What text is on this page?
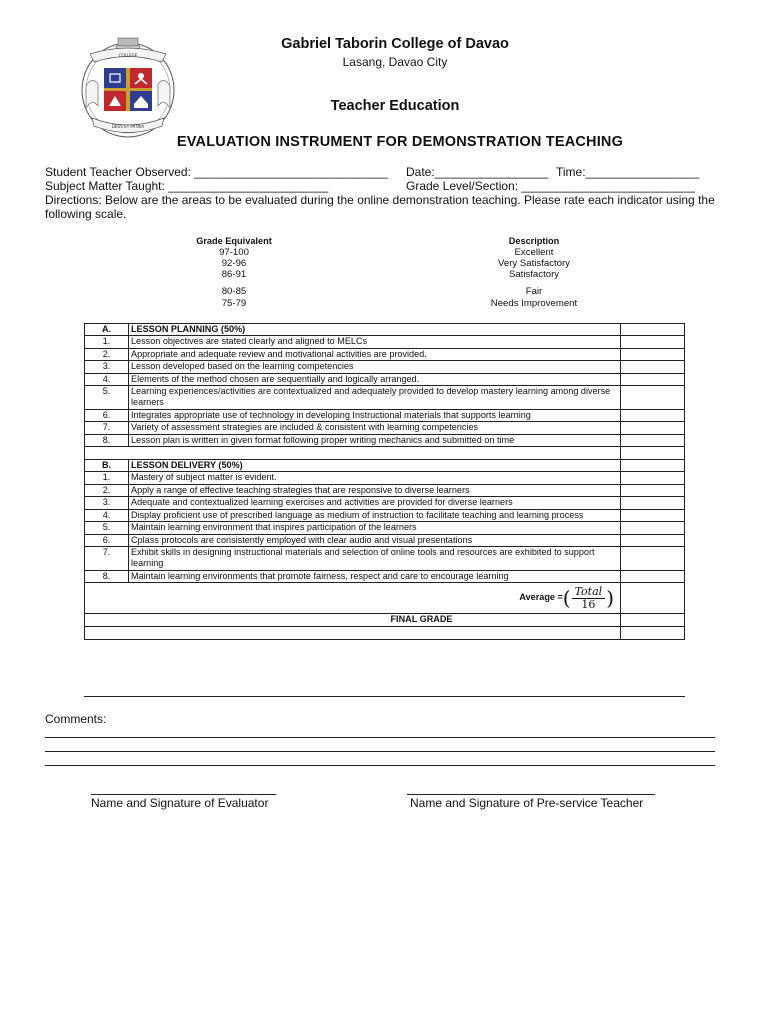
COLLEGE
DEUS ET PATRIA
Gabriel Taborin College of Davao
Lasang, Davao City
Teacher Education
EVALUATION INSTRUMENT FOR DEMONSTRATION TEACHING
Student Teacher Observed: _____________________________ Date:_________________ Time:_________________
Subject Matter Taught: ________________________	Grade Level/Section: __________________________
Directions: Below are the areas to be evaluated during the online demonstration teaching. Please rate each indicator using the following scale.
Grade Equivalent	Description
97-100	Excellent
92-96	Very Satisfactory
86-91	Satisfactory
80-85	Fair
75-79	Needs Improvement
A.	LESSON PLANNING (50%)	
1.	Lesson objectives are stated clearly and aligned to MELCs	
2.	Appropriate and adequate review and motivational activities are provided.	
3.	Lesson developed based on the learning competencies	
4.	Elements of the method chosen are sequentially and logically arranged.	
5.	Learning experiences/activities are contextualized and adequately provided to develop mastery learning among diverse learners	
6.	Integrates appropriate use of technology in developing Instructional materials that supports learning	
7.	Variety of assessment strategies are included & consistent with learning competencies	
8.	Lesson plan is written in given format following proper writing mechanics and submitted on time	

B.	LESSON DELIVERY (50%)	
1.	Mastery of subject matter is evident.	
2.	Apply a range of effective teaching strategies that are responsive to diverse learners	
3.	Adequate and contextualized learning exercises and activities are provided for diverse learners	
4.	Display proficient use of prescribed language as medium of instruction to facilitate teaching and learning process	
5.	Maintain learning environment that inspires participation of the learners	
6.	Cplass protocols are consistently employed with clear audio and visual presentations	
7.	Exhibit skills in designing instructional materials and selection of online tools and resources are exhibited to support learning	
8.	Maintain learning environments that promote fairness, respect and care to encourage learning	

Average = ( $\frac{\text{Total}}{16}$ )		

FINAL GRADE		

Comments:
Name and Signature of Evaluator	Name and Signature of Pre-service Teacher
